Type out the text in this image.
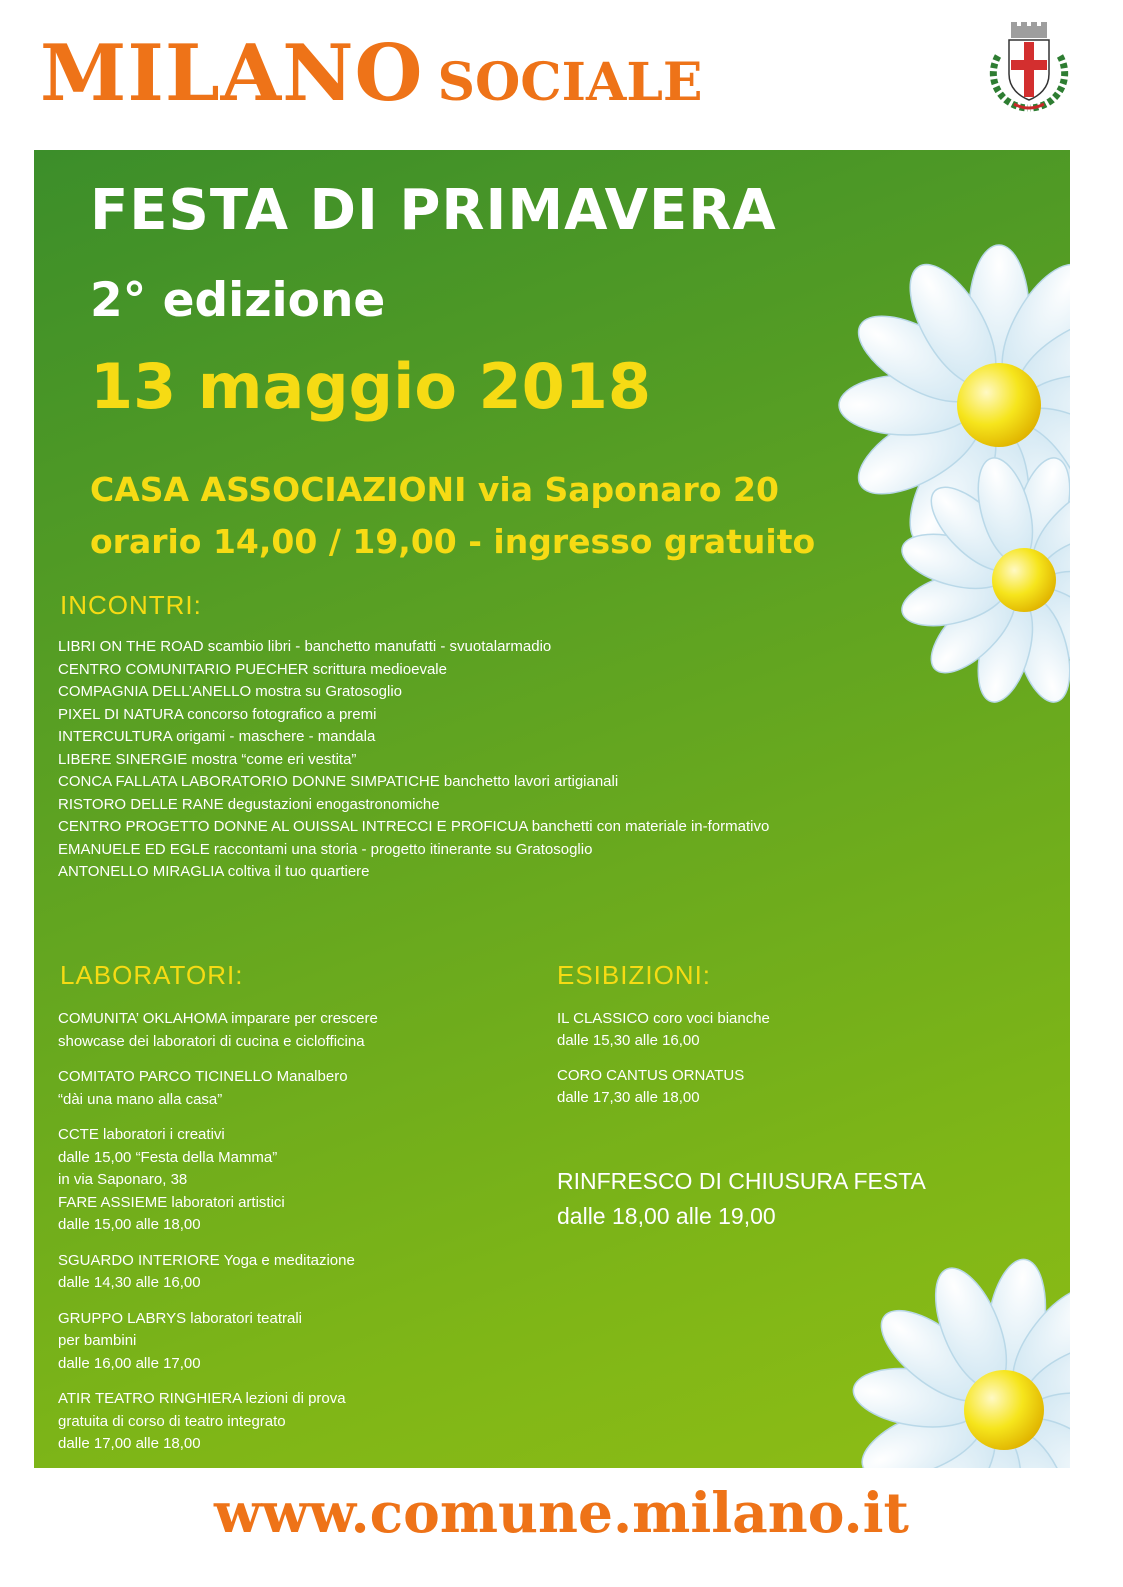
MILANO SOCIALE
FESTA DI PRIMAVERA
2° edizione
13 maggio 2018
CASA ASSOCIAZIONI via Saponaro 20
orario 14,00 / 19,00 - ingresso gratuito
INCONTRI:
LIBRI ON THE ROAD scambio libri - banchetto manufatti - svuotalarmadio
CENTRO COMUNITARIO PUECHER scrittura medioevale
COMPAGNIA DELL’ANELLO mostra su Gratosoglio
PIXEL DI NATURA concorso fotografico a premi
INTERCULTURA origami - maschere - mandala
LIBERE SINERGIE mostra “come eri vestita”
CONCA FALLATA LABORATORIO DONNE SIMPATICHE banchetto lavori artigianali
RISTORO DELLE RANE degustazioni enogastronomiche
CENTRO PROGETTO DONNE AL OUISSAL INTRECCI E PROFICUA banchetti con materiale in-formativo
EMANUELE ED EGLE raccontami una storia - progetto itinerante su Gratosoglio
ANTONELLO MIRAGLIA coltiva il tuo quartiere
LABORATORI:
COMUNITA’ OKLAHOMA imparare per crescere
showcase dei laboratori di cucina e ciclofficina
COMITATO PARCO TICINELLO Manalbero
“dài una mano alla casa”
CCTE laboratori i creativi
dalle 15,00 “Festa della Mamma”
in via Saponaro, 38
FARE ASSIEME laboratori artistici
dalle 15,00 alle 18,00
SGUARDO INTERIORE Yoga e meditazione
dalle 14,30 alle 16,00
GRUPPO LABRYS laboratori teatrali
per bambini
dalle 16,00 alle 17,00
ATIR TEATRO RINGHIERA lezioni di prova
gratuita di corso di teatro integrato
dalle 17,00 alle 18,00
ESIBIZIONI:
IL CLASSICO coro voci bianche
dalle 15,30 alle 16,00
CORO CANTUS ORNATUS
dalle 17,30 alle 18,00
RINFRESCO DI CHIUSURA FESTA
dalle 18,00 alle 19,00
www.comune.milano.it
